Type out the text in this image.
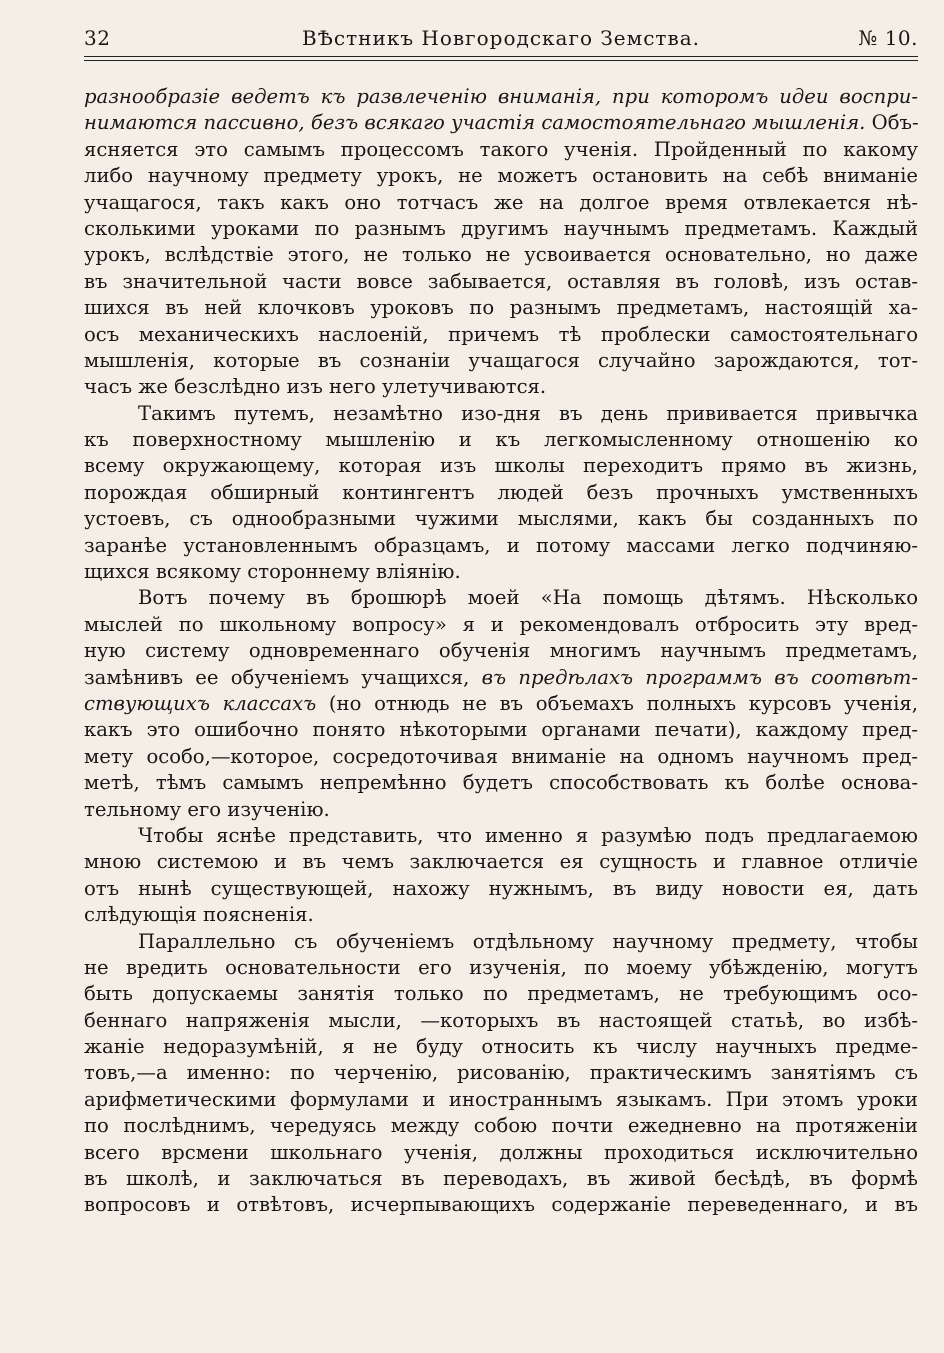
32	ВѢстникъ Новгородскаго Земства.	№ 10.
разнообразіе ведетъ къ развлеченію вниманія, при которомъ идеи воспри-
нимаются пассивно, безъ всякаго участія самостоятельнаго мышленія. Объ-
ясняется это самымъ процессомъ такого ученія. Пройденный по какому
либо научному предмету урокъ, не можетъ остановить на себѣ вниманіе
учащагося, такъ какъ оно тотчасъ же на долгое время отвлекается нѣ-
сколькими уроками по разнымъ другимъ научнымъ предметамъ. Каждый
урокъ, вслѣдствіе этого, не только не усвоивается основательно, но даже
въ значительной части вовсе забывается, оставляя въ головѣ, изъ остав-
шихся въ ней клочковъ уроковъ по разнымъ предметамъ, настоящій ха-
осъ механическихъ наслоеній, причемъ тѣ проблески самостоятельнаго
мышленія, которые въ сознаніи учащагося случайно зарождаются, тот-
часъ же безслѣдно изъ него улетучиваются.
Такимъ путемъ, незамѣтно изо-дня въ день прививается привычка
къ поверхностному мышленію и къ легкомысленному отношенію ко
всему окружающему, которая изъ школы переходитъ прямо въ жизнь,
порождая обширный контингентъ людей безъ прочныхъ умственныхъ
устоевъ, съ однообразными чужими мыслями, какъ бы созданныхъ по
заранѣе установленнымъ образцамъ, и потому массами легко подчиняю-
щихся всякому стороннему вліянію.
Вотъ почему въ брошюрѣ моей «На помощь дѣтямъ. Нѣсколько
мыслей по школьному вопросу» я и рекомендовалъ отбросить эту вред-
ную систему одновременнаго обученія многимъ научнымъ предметамъ,
замѣнивъ ее обученіемъ учащихся, въ предѣлахъ программъ въ соотвѣт-
ствующихъ классахъ (но отнюдь не въ объемахъ полныхъ курсовъ ученія,
какъ это ошибочно понято нѣкоторыми органами печати), каждому пред-
мету особо,—которое, сосредоточивая вниманіе на одномъ научномъ пред-
метѣ, тѣмъ самымъ непремѣнно будетъ способствовать къ болѣе основа-
тельному его изученію.
Чтобы яснѣе представить, что именно я разумѣю подъ предлагаемою
мною системою и въ чемъ заключается ея сущность и главное отличіе
отъ нынѣ существующей, нахожу нужнымъ, въ виду новости ея, дать
слѣдующія поясненія.
Параллельно съ обученіемъ отдѣльному научному предмету, чтобы
не вредить основательности его изученія, по моему убѣжденію, могутъ
быть допускаемы занятія только по предметамъ, не требующимъ осо-
беннаго напряженія мысли, —которыхъ въ настоящей статьѣ, во избѣ-
жаніе недоразумѣній, я не буду относить къ числу научныхъ предме-
товъ,—а именно: по черченію, рисованію, практическимъ занятіямъ съ
арифметическими формулами и иностраннымъ языкамъ. При этомъ уроки
по послѣднимъ, чередуясь между собою почти ежедневно на протяженіи
всего врсмени школьнаго ученія, должны проходиться исключительно
въ школѣ, и заключаться въ переводахъ, въ живой бесѣдѣ, въ формѣ
вопросовъ и отвѣтовъ, исчерпывающихъ содержаніе переведеннаго, и въ
